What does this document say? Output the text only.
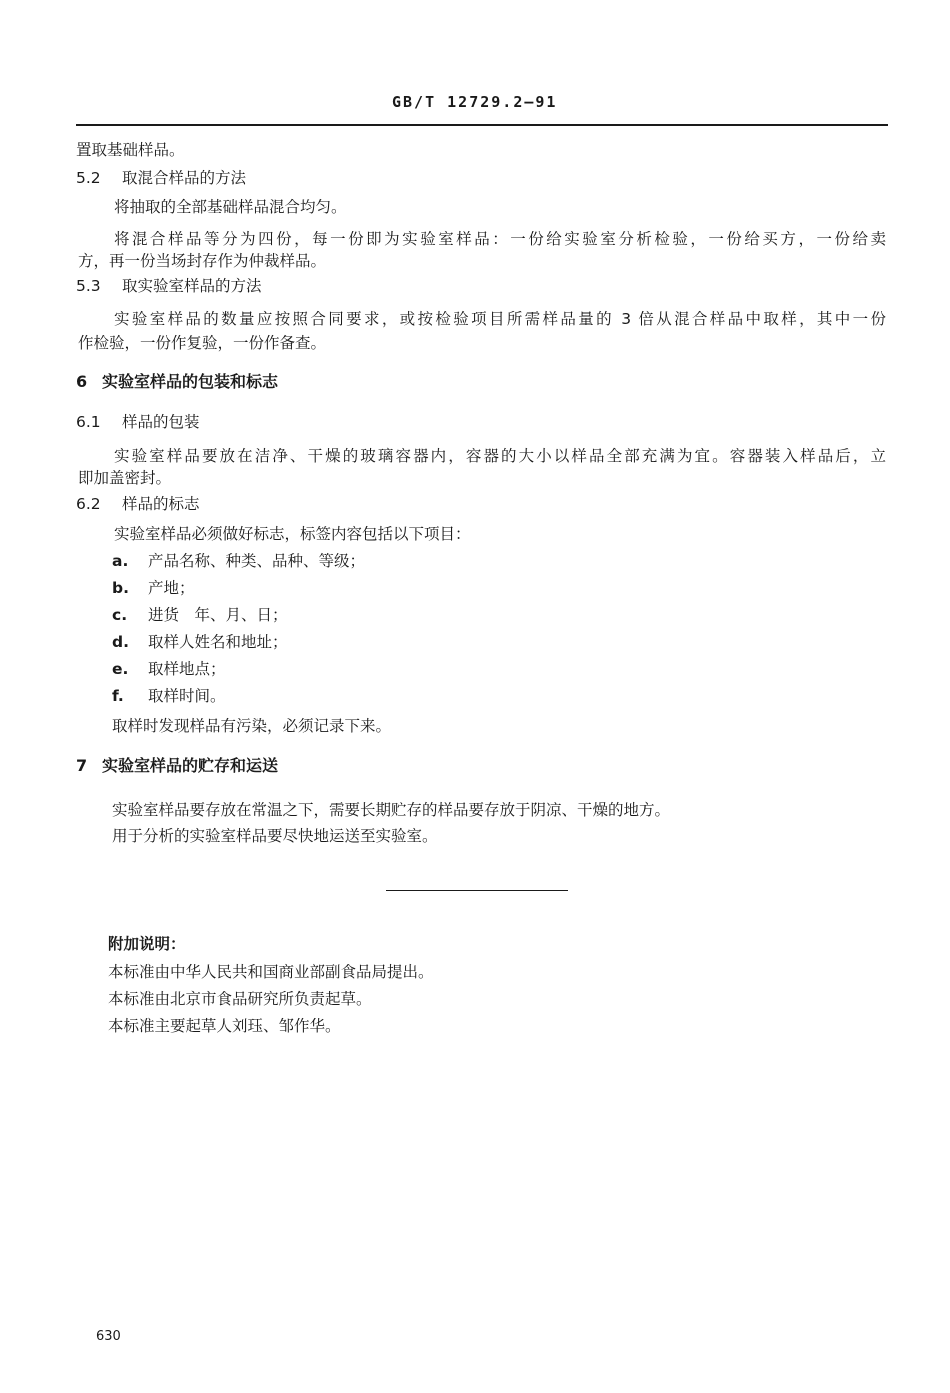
GB/T 12729.2—91
置取基础样品。
5.2 取混合样品的方法
将抽取的全部基础样品混合均匀。
将混合样品等分为四份，每一份即为实验室样品：一份给实验室分析检验，一份给买方，一份给卖
方，再一份当场封存作为仲裁样品。
5.3 取实验室样品的方法
实验室样品的数量应按照合同要求，或按检验项目所需样品量的 3 倍从混合样品中取样，其中一份
作检验，一份作复验，一份作备查。
6 实验室样品的包装和标志
6.1 样品的包装
实验室样品要放在洁净、干燥的玻璃容器内，容器的大小以样品全部充满为宜。容器装入样品后，立
即加盖密封。
6.2 样品的标志
实验室样品必须做好标志，标签内容包括以下项目：
a. 产品名称、种类、品种、等级；
b. 产地；
c. 进货　年、月、日；
d. 取样人姓名和地址；
e. 取样地点；
f. 取样时间。
取样时发现样品有污染，必须记录下来。
7 实验室样品的贮存和运送
实验室样品要存放在常温之下，需要长期贮存的样品要存放于阴凉、干燥的地方。
用于分析的实验室样品要尽快地运送至实验室。
附加说明：
本标准由中华人民共和国商业部副食品局提出。
本标准由北京市食品研究所负责起草。
本标准主要起草人刘珏、邹作华。
630
